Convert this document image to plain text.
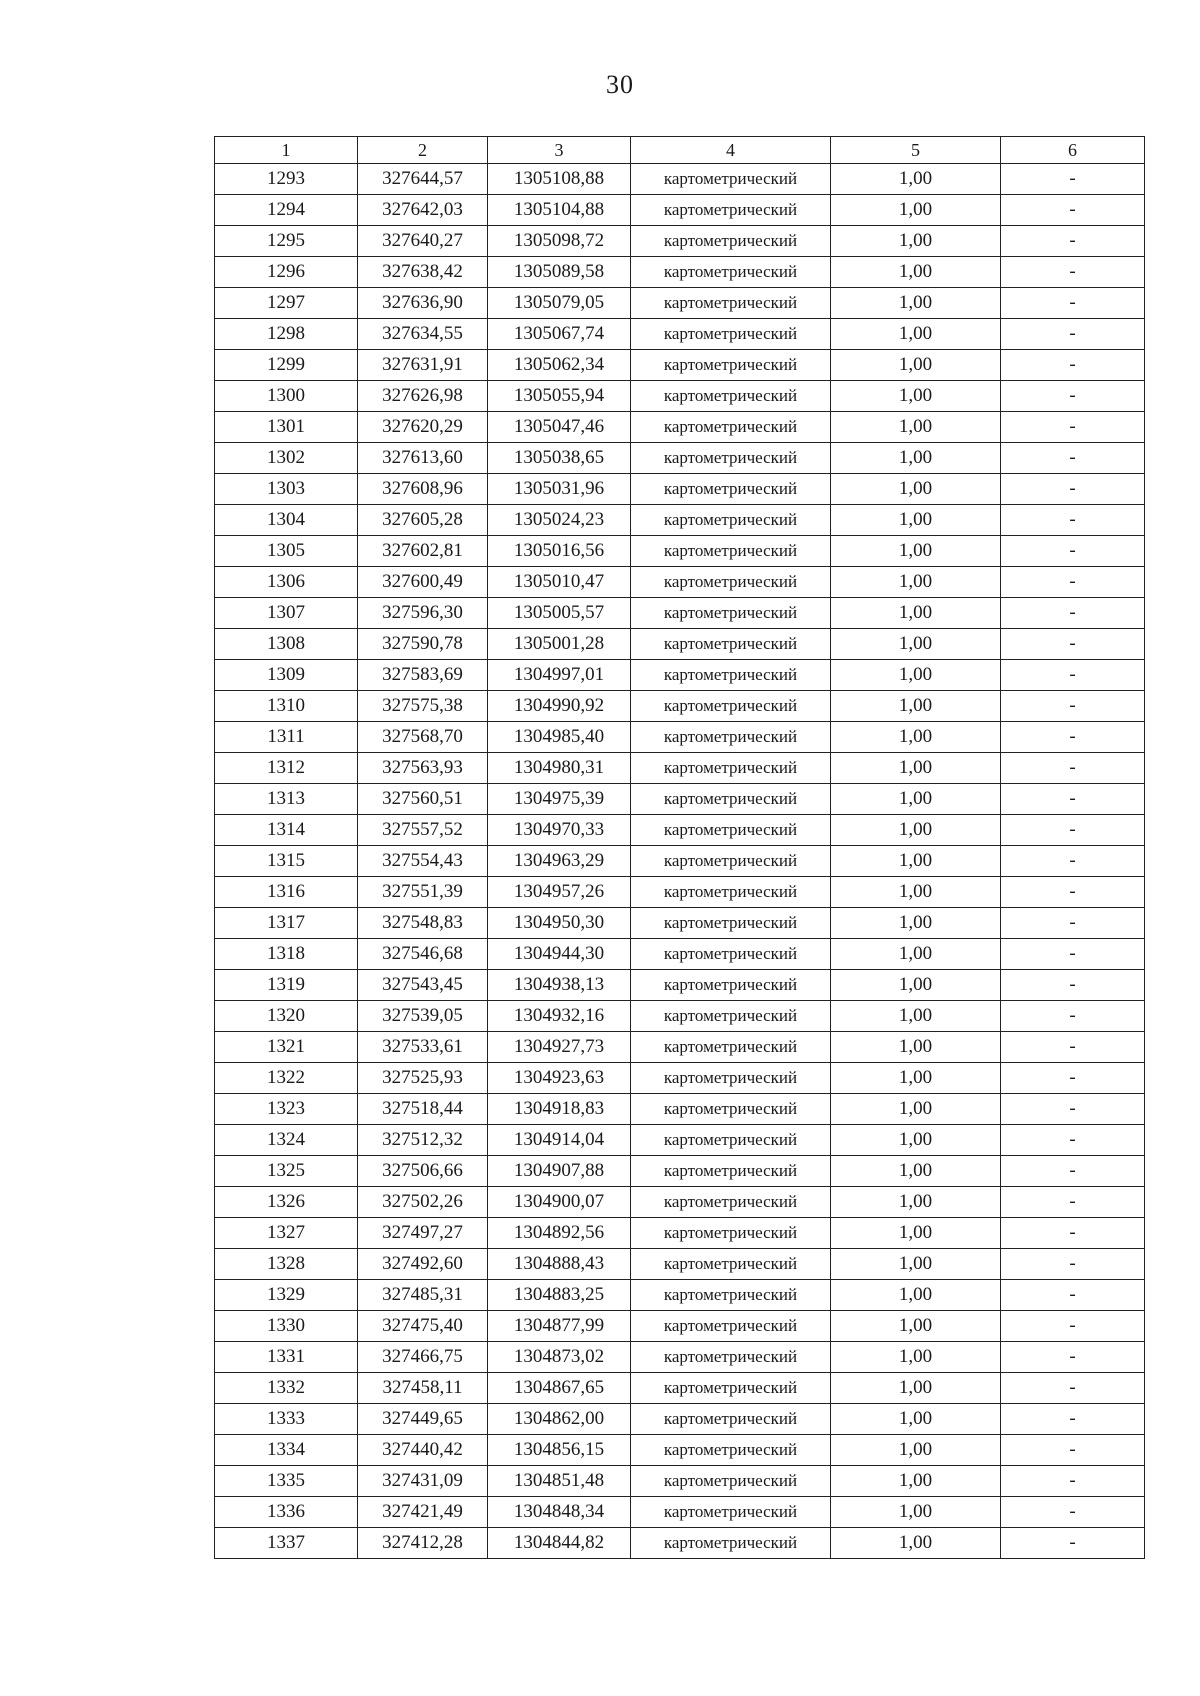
30
1	2	3	4	5	6
1293	327644,57	1305108,88	картометрический	1,00	-
1294	327642,03	1305104,88	картометрический	1,00	-
1295	327640,27	1305098,72	картометрический	1,00	-
1296	327638,42	1305089,58	картометрический	1,00	-
1297	327636,90	1305079,05	картометрический	1,00	-
1298	327634,55	1305067,74	картометрический	1,00	-
1299	327631,91	1305062,34	картометрический	1,00	-
1300	327626,98	1305055,94	картометрический	1,00	-
1301	327620,29	1305047,46	картометрический	1,00	-
1302	327613,60	1305038,65	картометрический	1,00	-
1303	327608,96	1305031,96	картометрический	1,00	-
1304	327605,28	1305024,23	картометрический	1,00	-
1305	327602,81	1305016,56	картометрический	1,00	-
1306	327600,49	1305010,47	картометрический	1,00	-
1307	327596,30	1305005,57	картометрический	1,00	-
1308	327590,78	1305001,28	картометрический	1,00	-
1309	327583,69	1304997,01	картометрический	1,00	-
1310	327575,38	1304990,92	картометрический	1,00	-
1311	327568,70	1304985,40	картометрический	1,00	-
1312	327563,93	1304980,31	картометрический	1,00	-
1313	327560,51	1304975,39	картометрический	1,00	-
1314	327557,52	1304970,33	картометрический	1,00	-
1315	327554,43	1304963,29	картометрический	1,00	-
1316	327551,39	1304957,26	картометрический	1,00	-
1317	327548,83	1304950,30	картометрический	1,00	-
1318	327546,68	1304944,30	картометрический	1,00	-
1319	327543,45	1304938,13	картометрический	1,00	-
1320	327539,05	1304932,16	картометрический	1,00	-
1321	327533,61	1304927,73	картометрический	1,00	-
1322	327525,93	1304923,63	картометрический	1,00	-
1323	327518,44	1304918,83	картометрический	1,00	-
1324	327512,32	1304914,04	картометрический	1,00	-
1325	327506,66	1304907,88	картометрический	1,00	-
1326	327502,26	1304900,07	картометрический	1,00	-
1327	327497,27	1304892,56	картометрический	1,00	-
1328	327492,60	1304888,43	картометрический	1,00	-
1329	327485,31	1304883,25	картометрический	1,00	-
1330	327475,40	1304877,99	картометрический	1,00	-
1331	327466,75	1304873,02	картометрический	1,00	-
1332	327458,11	1304867,65	картометрический	1,00	-
1333	327449,65	1304862,00	картометрический	1,00	-
1334	327440,42	1304856,15	картометрический	1,00	-
1335	327431,09	1304851,48	картометрический	1,00	-
1336	327421,49	1304848,34	картометрический	1,00	-
1337	327412,28	1304844,82	картометрический	1,00	-
